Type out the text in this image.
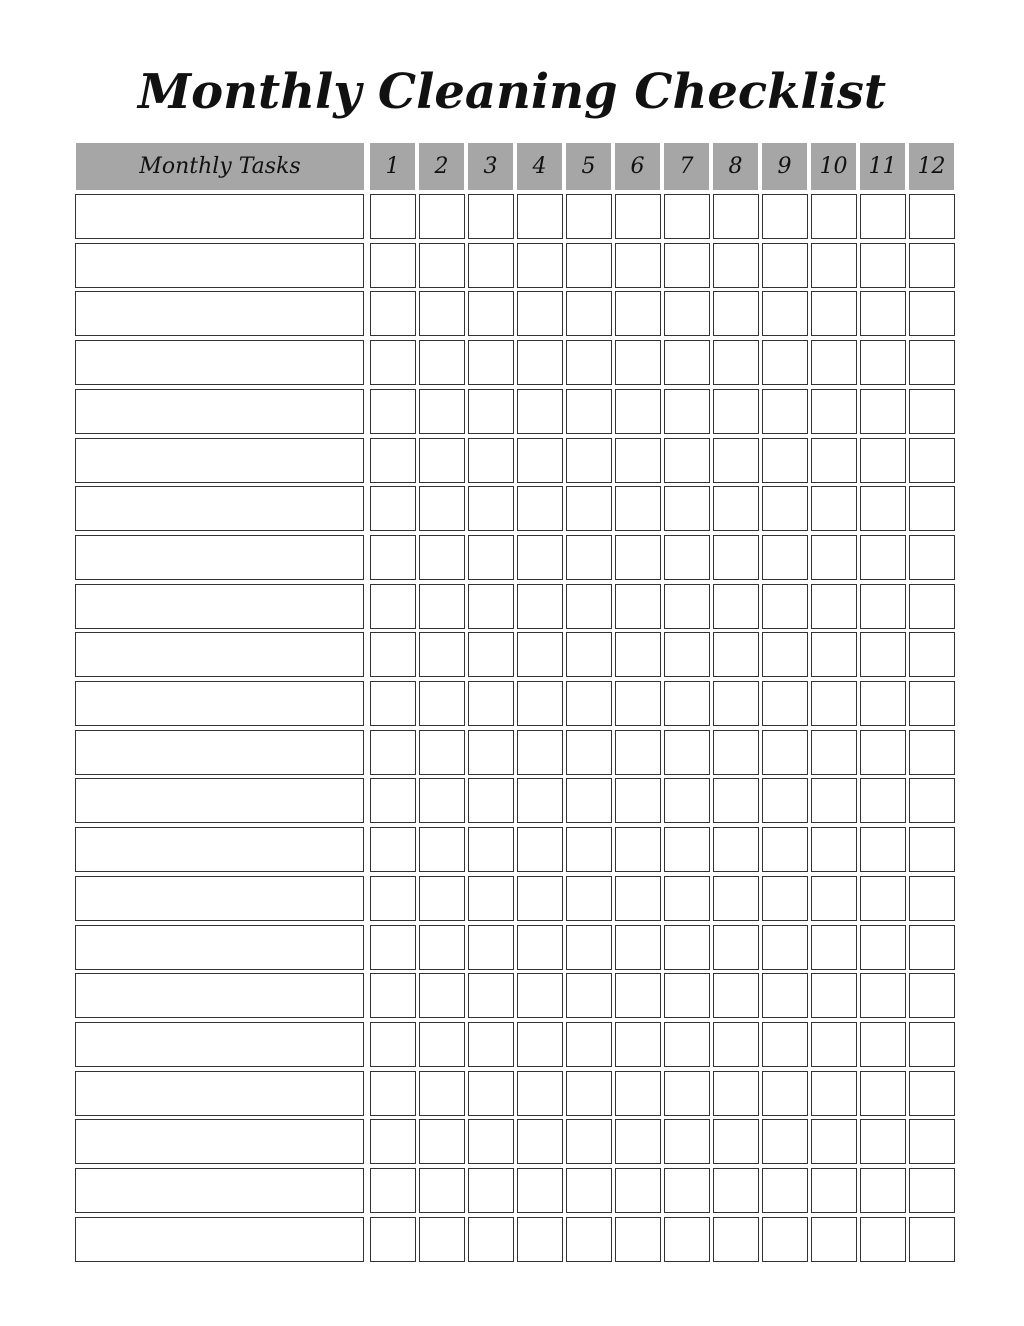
Monthly Cleaning Checklist
Monthly Tasks	1	2	3	4	5	6	7	8	9	10 11 12
